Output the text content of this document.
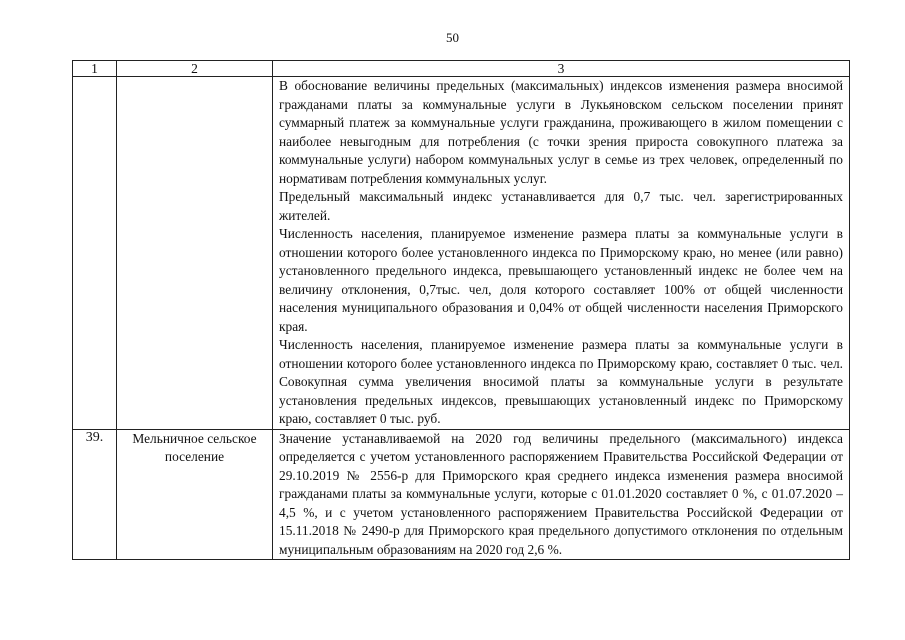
50
1	2	3

		В обоснование величины предельных (максимальных) индексов изменения размера вносимой гражданами платы за коммунальные услуги в Лукьяновском сельском поселении принят суммарный платеж за коммунальные услуги гражданина, проживающего в жилом помещении с наиболее невыгодным для потребления (с точки зрения прироста совокупного платежа за коммунальные услуги) набором коммунальных услуг в семье из трех человек, определенный по нормативам потребления коммунальных услуг.

Предельный максимальный индекс устанавливается для 0,7 тыс. чел. зарегистрированных жителей.

Численность населения, планируемое изменение размера платы за коммунальные услуги в отношении которого более установленного индекса по Приморскому краю, но менее (или равно) установленного предельного индекса, превышающего установленный индекс не более чем на величину отклонения, 0,7тыс. чел, доля которого составляет 100% от общей численности населения муниципального образования и 0,04% от общей численности населения Приморского края.

Численность населения, планируемое изменение размера платы за коммунальные услуги в отношении которого более установленного индекса по Приморскому краю, составляет 0 тыс. чел. Совокупная сумма увеличения вносимой платы за коммунальные услуги в результате установления предельных индексов, превышающих установленный индекс по Приморскому краю, составляет 0 тыс. руб.

39.	Мельничное сельское поселение	Значение устанавливаемой на 2020 год величины предельного (максимального) индекса определяется с учетом установленного распоряжением Правительства Российской Федерации от 29.10.2019 № 2556-р для Приморского края среднего индекса изменения размера вносимой гражданами платы за коммунальные услуги, которые с 01.01.2020 составляет 0 %, с 01.07.2020 – 4,5 %, и с учетом установленного распоряжением Правительства Российской Федерации от 15.11.2018 № 2490-р для Приморского края предельного допустимого отклонения по отдельным муниципальным образованиям на 2020 год 2,6 %.
